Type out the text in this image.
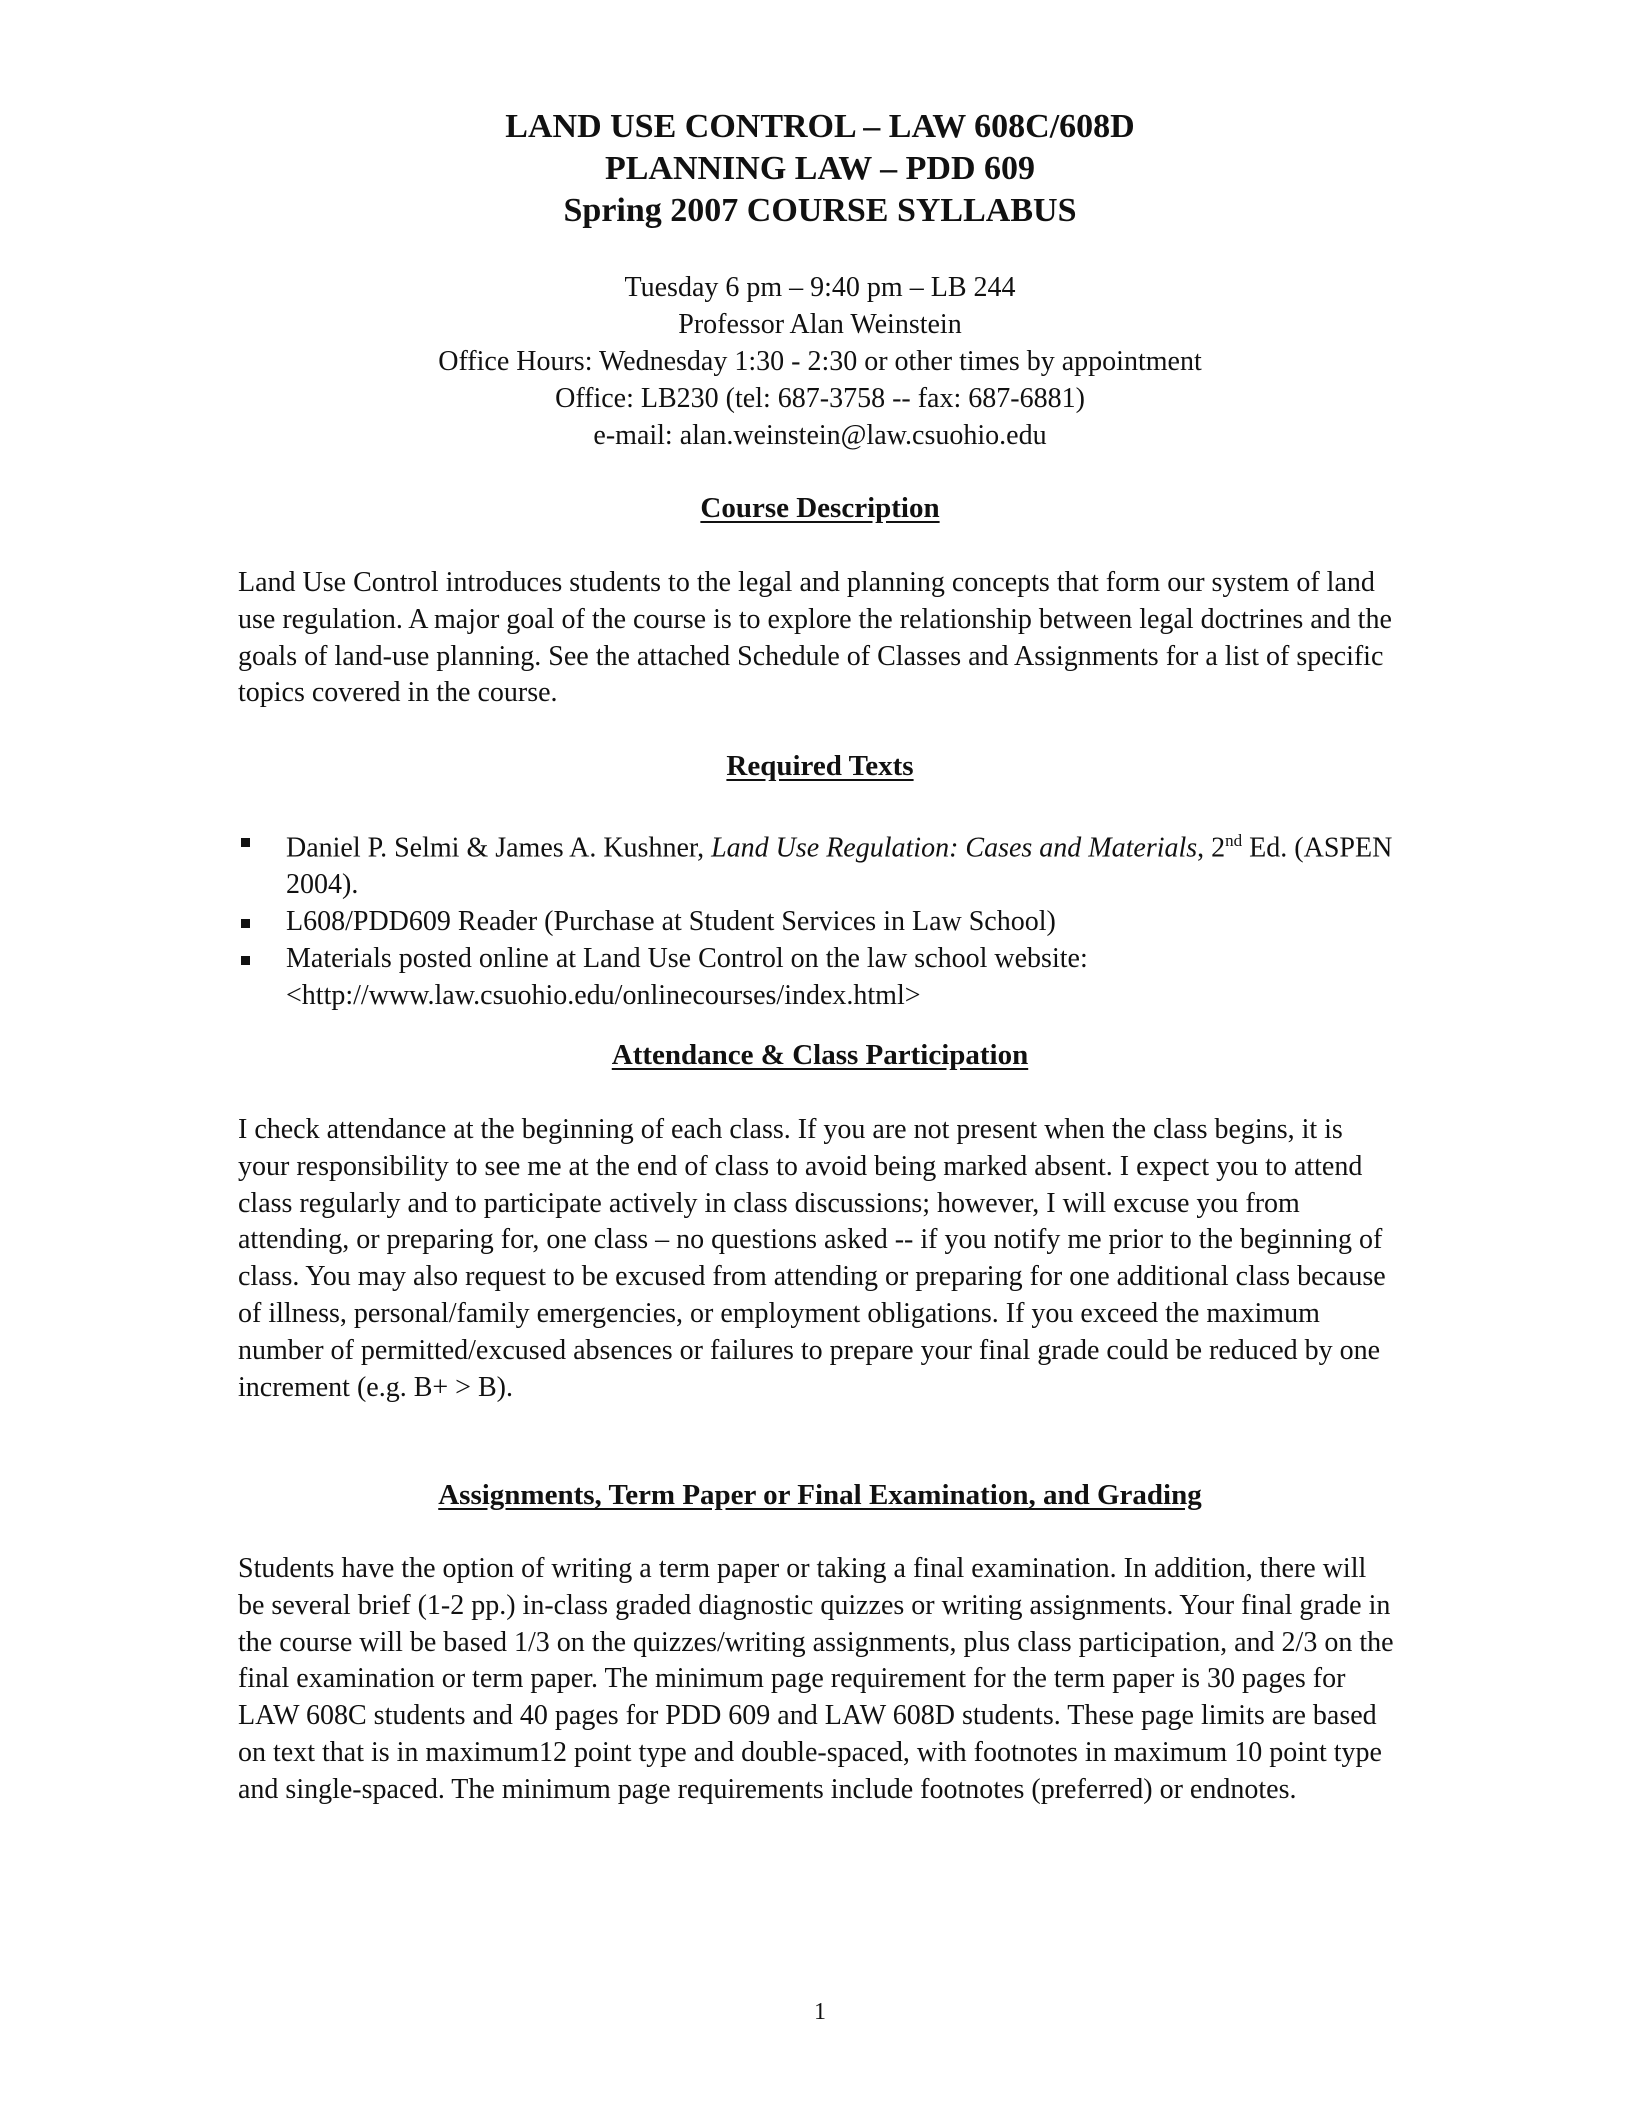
LAND USE CONTROL – LAW 608C/608D
PLANNING LAW – PDD 609
Spring 2007 COURSE SYLLABUS
Tuesday 6 pm – 9:40 pm – LB 244
Professor Alan Weinstein
Office Hours: Wednesday 1:30 - 2:30 or other times by appointment
Office: LB230 (tel: 687-3758 -- fax: 687-6881)
e-mail: alan.weinstein@law.csuohio.edu
Course Description

Land Use Control introduces students to the legal and planning concepts that form our system of land use regulation. A major goal of the course is to explore the relationship between legal doctrines and the goals of land-use planning. See the attached Schedule of Classes and Assignments for a list of specific topics covered in the course.

Required Texts
Daniel P. Selmi & James A. Kushner, Land Use Regulation: Cases and Materials, 2nd Ed. (ASPEN 2004).
L608/PDD609 Reader (Purchase at Student Services in Law School)
Materials posted online at Land Use Control on the law school website:
<http://www.law.csuohio.edu/onlinecourses/index.html>
Attendance & Class Participation

I check attendance at the beginning of each class. If you are not present when the class begins, it is your responsibility to see me at the end of class to avoid being marked absent. I expect you to attend class regularly and to participate actively in class discussions; however, I will excuse you from attending, or preparing for, one class – no questions asked -- if you notify me prior to the beginning of class. You may also request to be excused from attending or preparing for one additional class because of illness, personal/family emergencies, or employment obligations. If you exceed the maximum number of permitted/excused absences or failures to prepare your final grade could be reduced by one increment (e.g. B+ > B).

Assignments, Term Paper or Final Examination, and Grading

Students have the option of writing a term paper or taking a final examination. In addition, there will be several brief (1-2 pp.) in-class graded diagnostic quizzes or writing assignments. Your final grade in the course will be based 1/3 on the quizzes/writing assignments, plus class participation, and 2/3 on the final examination or term paper. The minimum page requirement for the term paper is 30 pages for LAW 608C students and 40 pages for PDD 609 and LAW 608D students. These page limits are based on text that is in maximum12 point type and double-spaced, with footnotes in maximum 10 point type and single-spaced. The minimum page requirements include footnotes (preferred) or endnotes.

1
